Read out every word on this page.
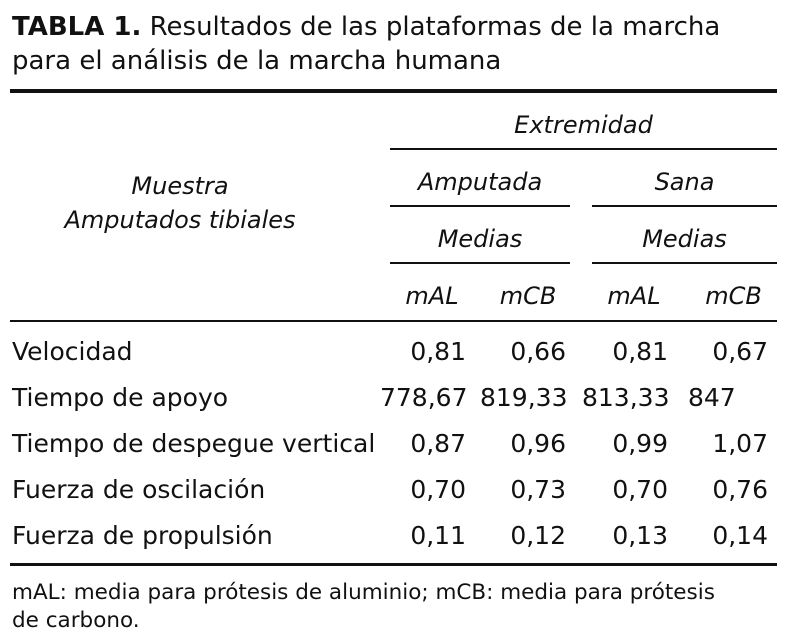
TABLA 1. Resultados de las plataformas de la marcha
para el análisis de la marcha humana
Muestra
Amputados tibiales
Extremidad
Amputada	Sana
Medias	Medias
mAL	mCB	mAL	mCB
Velocidad	0,81	0,66	0,81	0,67
Tiempo de apoyo	778,67 819,33 813,33 847
Tiempo de despegue vertical	0,87	0,96	0,99	1,07
Fuerza de oscilación	0,70	0,73	0,70	0,76
Fuerza de propulsión	0,11	0,12	0,13	0,14
mAL: media para prótesis de aluminio; mCB: media para prótesis
de carbono.
